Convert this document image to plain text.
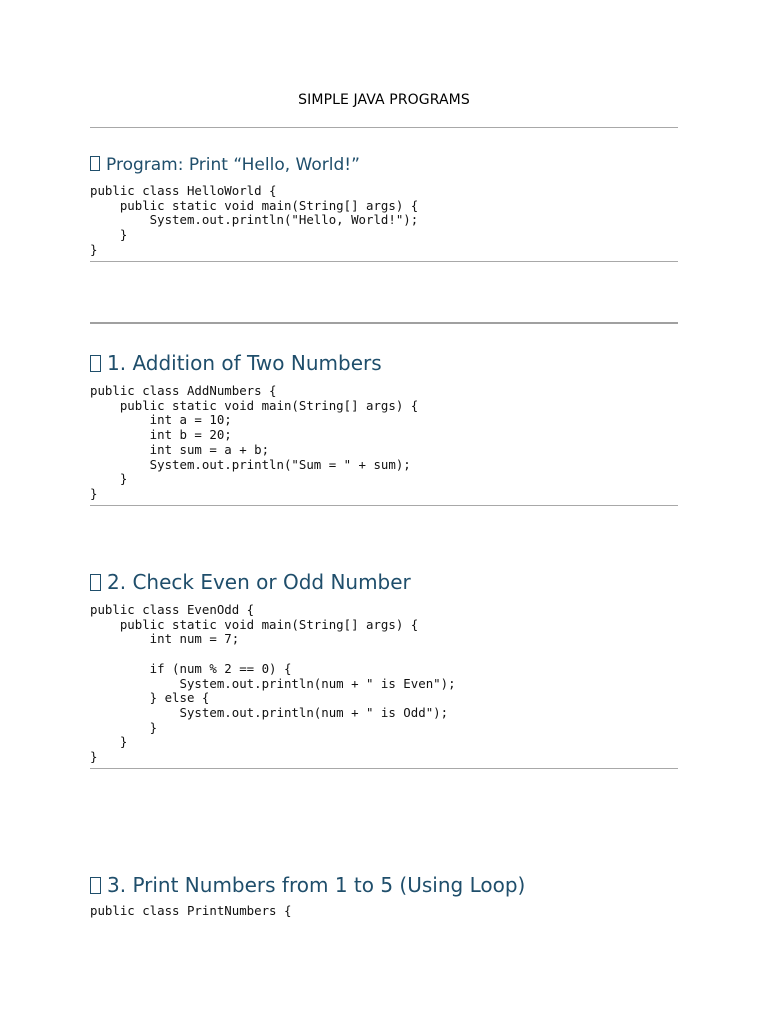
SIMPLE JAVA PROGRAMS
Program: Print “Hello, World!”
public class HelloWorld {
public static void main(String[] args) {
System.out.println("Hello, World!");
}
}
1. Addition of Two Numbers
public class AddNumbers {
public static void main(String[] args) {
int a = 10;
int b = 20;
int sum = a + b;
System.out.println("Sum = " + sum);
}
}
2. Check Even or Odd Number
public class EvenOdd {
public static void main(String[] args) {
int num = 7;

if (num % 2 == 0) {
System.out.println(num + " is Even");
} else {
System.out.println(num + " is Odd");
}
}
}
3. Print Numbers from 1 to 5 (Using Loop)
public class PrintNumbers {
